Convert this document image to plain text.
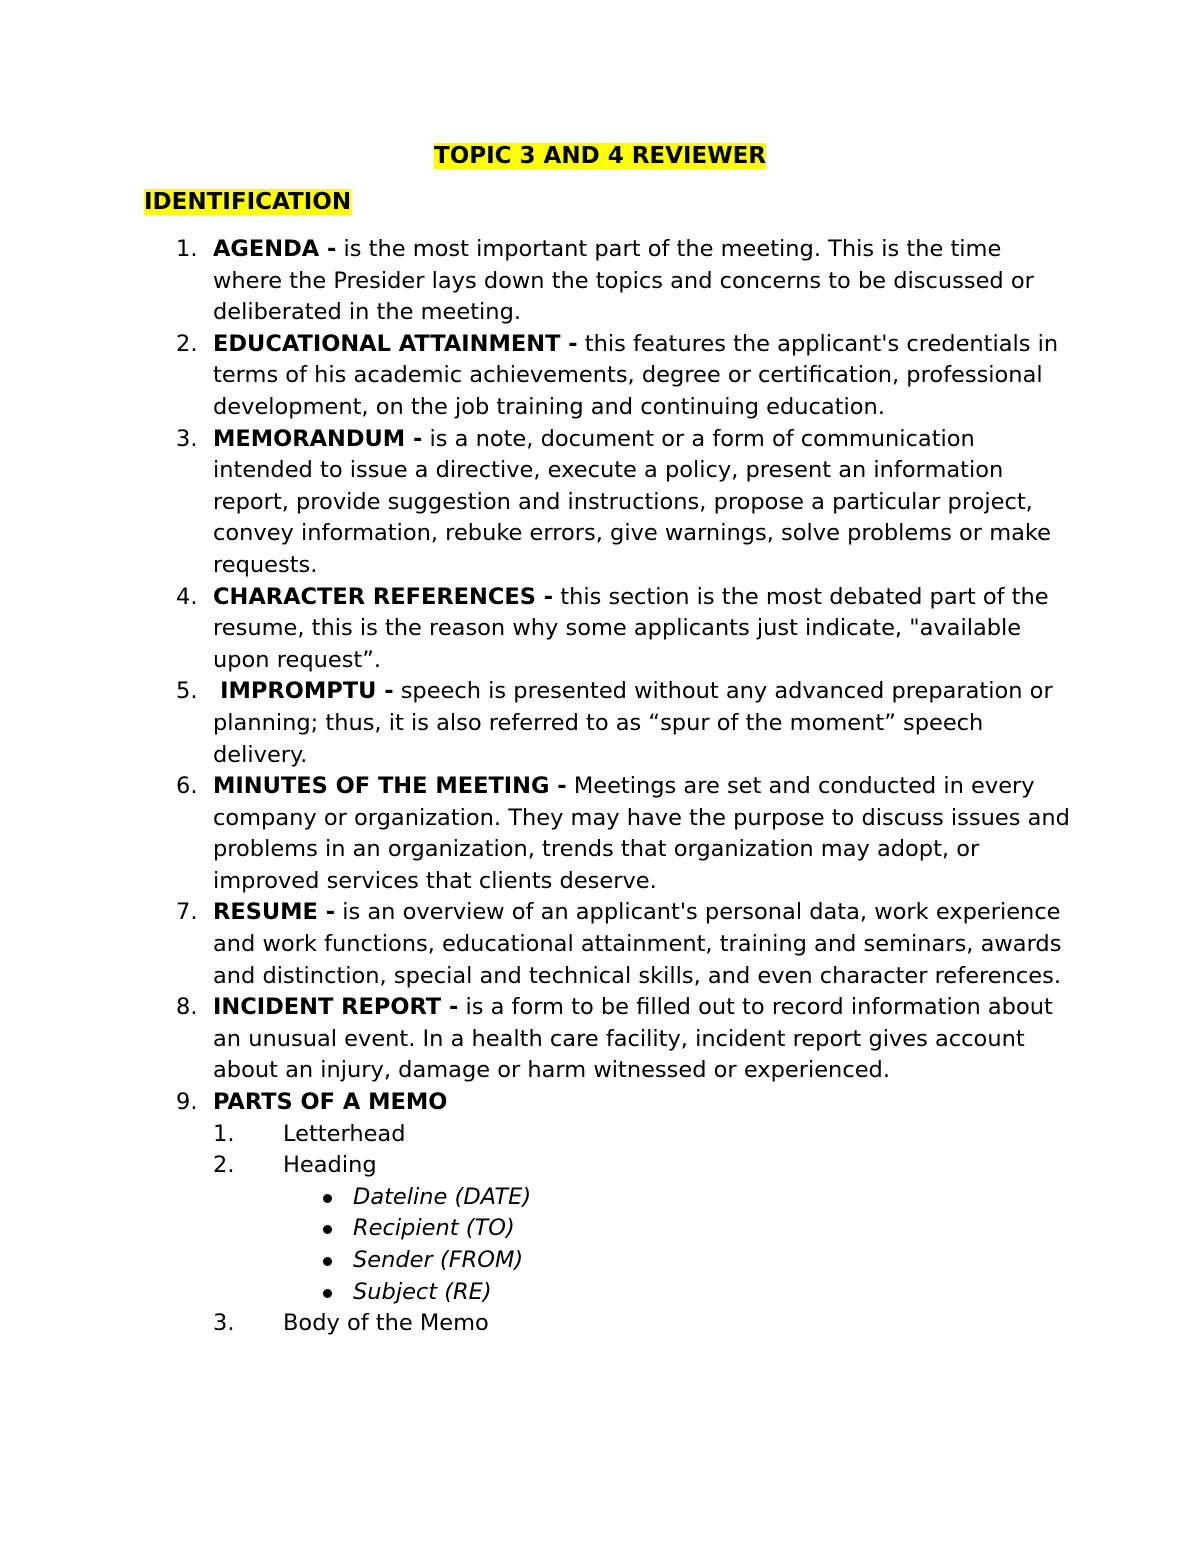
TOPIC 3 AND 4 REVIEWER
IDENTIFICATION
1. AGENDA - is the most important part of the meeting. This is the time where the Presider lays down the topics and concerns to be discussed or deliberated in the meeting.
2. EDUCATIONAL ATTAINMENT - this features the applicant's credentials in terms of his academic achievements, degree or certification, professional development, on the job training and continuing education.
3. MEMORANDUM - is a note, document or a form of communication intended to issue a directive, execute a policy, present an information report, provide suggestion and instructions, propose a particular project, convey information, rebuke errors, give warnings, solve problems or make requests.
4. CHARACTER REFERENCES - this section is the most debated part of the resume, this is the reason why some applicants just indicate, "available upon request”.
5. IMPROMPTU - speech is presented without any advanced preparation or planning; thus, it is also referred to as “spur of the moment” speech delivery.
6. MINUTES OF THE MEETING - Meetings are set and conducted in every company or organization. They may have the purpose to discuss issues and problems in an organization, trends that organization may adopt, or improved services that clients deserve.
7. RESUME - is an overview of an applicant's personal data, work experience and work functions, educational attainment, training and seminars, awards and distinction, special and technical skills, and even character references.
8. INCIDENT REPORT - is a form to be filled out to record information about an unusual event. In a health care facility, incident report gives account about an injury, damage or harm witnessed or experienced.
9. PARTS OF A MEMO
1. Letterhead
2. Heading
Dateline (DATE)
Recipient (TO)
Sender (FROM)
Subject (RE)
3. Body of the Memo
